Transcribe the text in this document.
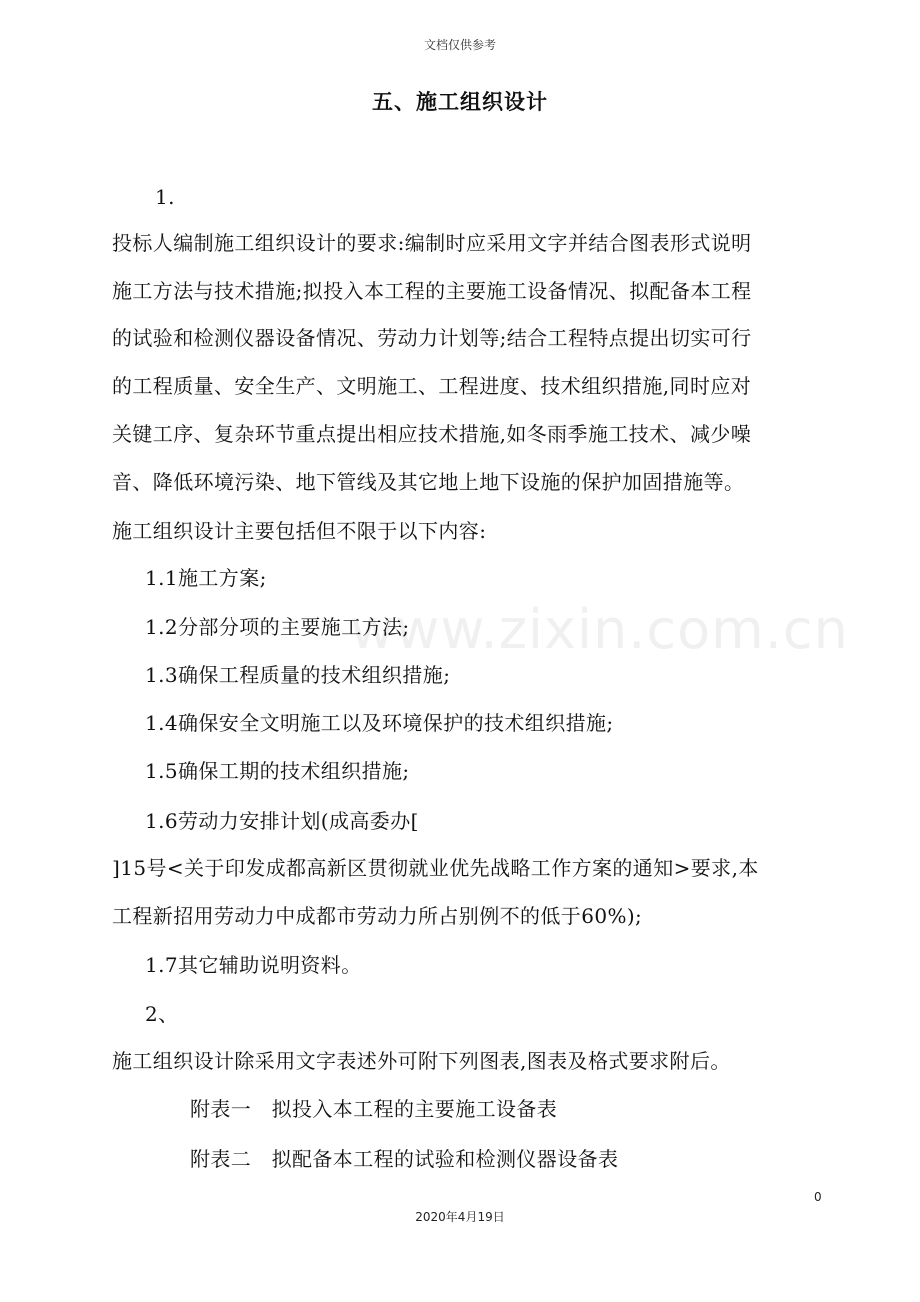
文档仅供参考
五、施工组织设计
www.zixin.com.cn
1.
投标人编制施工组织设计的要求:编制时应采用文字并结合图表形式说明
施工方法与技术措施;拟投入本工程的主要施工设备情况、拟配备本工程
的试验和检测仪器设备情况、劳动力计划等;结合工程特点提出切实可行
的工程质量、安全生产、文明施工、工程进度、技术组织措施,同时应对
关键工序、复杂环节重点提出相应技术措施,如冬雨季施工技术、减少噪
音、降低环境污染、地下管线及其它地上地下设施的保护加固措施等。
施工组织设计主要包括但不限于以下内容:
1.1施工方案;
1.2分部分项的主要施工方法;
1.3确保工程质量的技术组织措施;
1.4确保安全文明施工以及环境保护的技术组织措施;
1.5确保工期的技术组织措施;
1.6劳动力安排计划(成高委办[
]15号<关于印发成都高新区贯彻就业优先战略工作方案的通知>要求,本
工程新招用劳动力中成都市劳动力所占别例不的低于60%);
1.7其它辅助说明资料。
2、
施工组织设计除采用文字表述外可附下列图表,图表及格式要求附后。
附表一　拟投入本工程的主要施工设备表
附表二　拟配备本工程的试验和检测仪器设备表
0
2020年4月19日
